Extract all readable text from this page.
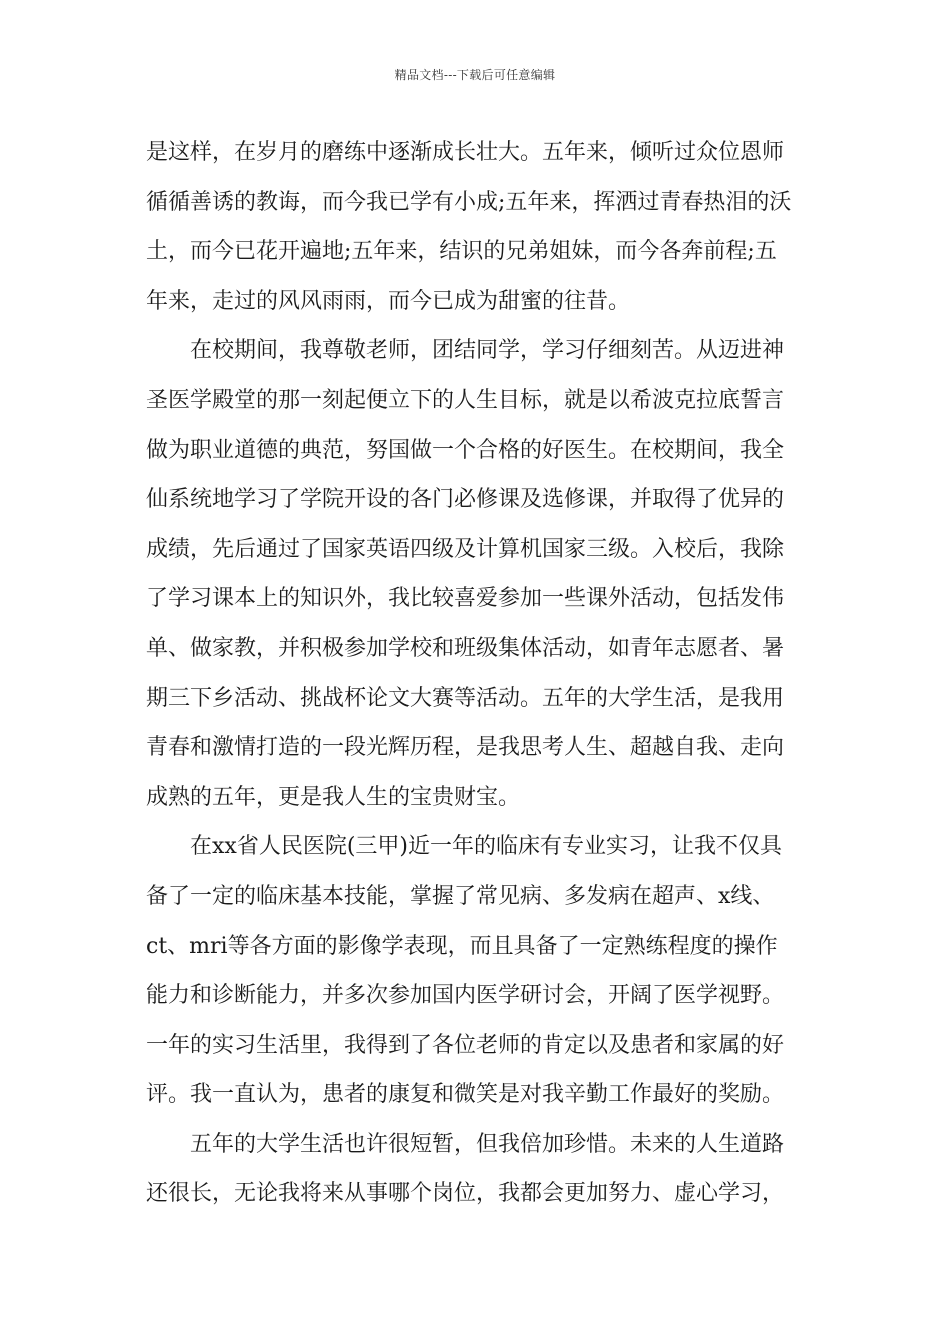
精品文档---下载后可任意编辑
是这样，在岁月的磨练中逐渐成长壮大。五年来，倾听过众位恩师
循循善诱的教诲，而今我已学有小成;五年来，挥洒过青春热泪的沃
土，而今已花开遍地;五年来，结识的兄弟姐妹，而今各奔前程;五
年来，走过的风风雨雨，而今已成为甜蜜的往昔。
在校期间，我尊敬老师，团结同学，学习仔细刻苦。从迈进神
圣医学殿堂的那一刻起便立下的人生目标，就是以希波克拉底誓言
做为职业道德的典范，努国做一个合格的好医生。在校期间，我全
仙系统地学习了学院开设的各门必修课及选修课，并取得了优异的
成绩，先后通过了国家英语四级及计算机国家三级。入校后，我除
了学习课本上的知识外，我比较喜爱参加一些课外活动，包括发伟
单、做家教，并积极参加学校和班级集体活动，如青年志愿者、暑
期三下乡活动、挑战杯论文大赛等活动。五年的大学生活，是我用
青春和激情打造的一段光辉历程，是我思考人生、超越自我、走向
成熟的五年，更是我人生的宝贵财宝。
在xx省人民医院(三甲)近一年的临床有专业实习，让我不仅具
备了一定的临床基本技能，掌握了常见病、多发病在超声、x线、
ct、mri等各方面的影像学表现，而且具备了一定熟练程度的操作
能力和诊断能力，并多次参加国内医学研讨会，开阔了医学视野。
一年的实习生活里，我得到了各位老师的肯定以及患者和家属的好
评。我一直认为，患者的康复和微笑是对我辛勤工作最好的奖励。
五年的大学生活也许很短暂，但我倍加珍惜。未来的人生道路
还很长，无论我将来从事哪个岗位，我都会更加努力、虚心学习，
